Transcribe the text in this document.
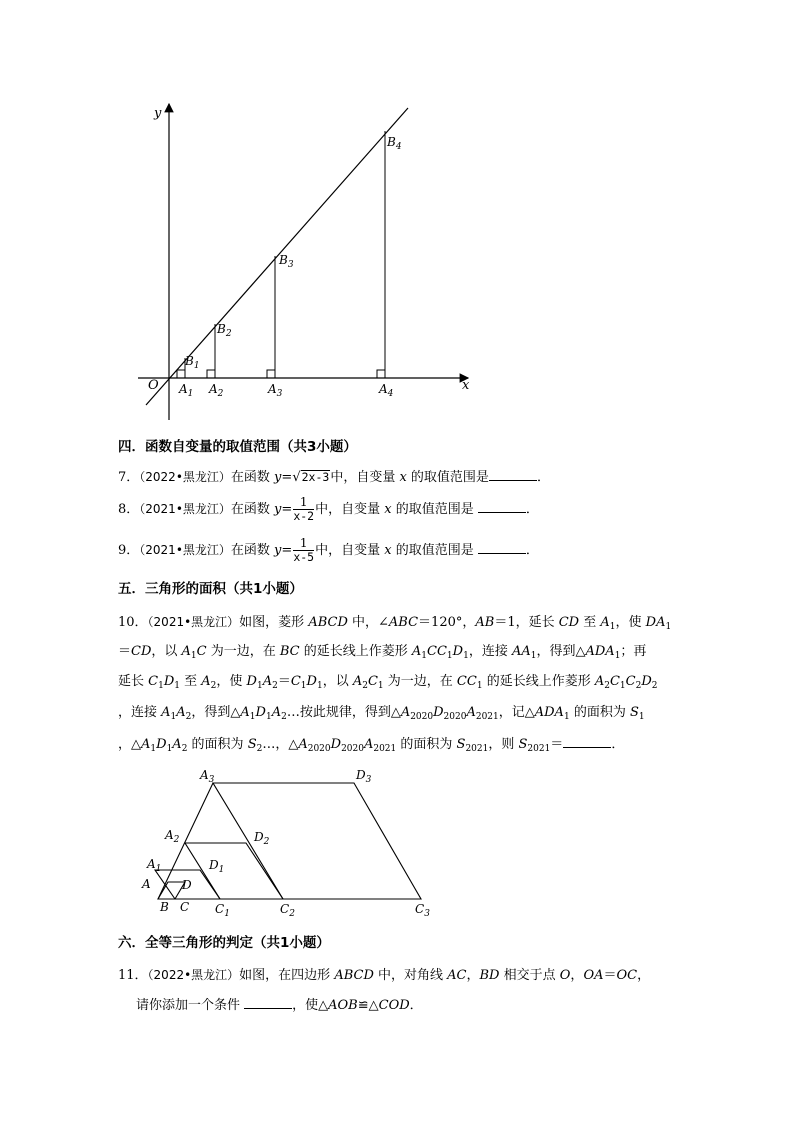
y
x
O
$B_1$
$B_2$
$B_3$
$B_4$
$A_1$ $A_2$	$A_3$	$A_4$
四．函数自变量的取值范围（共3小题）
7．（2022•黑龙江）在函数 y=√2x-3中，自变量 x 的取值范围是	．
8．（2021•黑龙江）在函数 $y= \frac{1}{x-2}$ 中，自变量 x 的取值范围是	．
9．（2021•黑龙江）在函数 $y= \frac{1}{x-5}$ 中，自变量 x 的取值范围是	．
五．三角形的面积（共1小题）
10．（2021•黑龙江）如图，菱形 ABCD 中，∠ABC＝120°，AB＝1，延长 CD 至 $A_1$，使 $DA_1$
＝CD，以 $A_1C$ 为一边，在 BC 的延长线上作菱形 $A_1CC_1D_1$，连接 $AA_1$，得到$\triangle ADA_1$；再
延长 $C_1D_1$ 至 $A_2$，使 $D_1A_2=C_1D_1$，以 $A_2C_1$ 为一边，在 $CC_1$ 的延长线上作菱形 $A_2C_1C_2D_2$
，连接 $A_1A_2$，得到$\triangle A_1D_1A_2\dots$按此规律，得到$\triangle A_{2020}D_{2020}A_{2021}$，记$\triangle ADA_1$ 的面积为 $S_1$
，$\triangle A_1D_1A_2$ 的面积为 $S_2\dots$，$\triangle A_{2020}D_{2020}A_{2021}$ 的面积为 $S_{2021}$，则 $S_{2021}=$	．
A
B C
D
$A_1$	$D_1$
$C_1$
$A_2$	$D_2$
$C_2$
$A_3$	$D_3$
$C_3$
六．全等三角形的判定（共1小题）
11．（2022•黑龙江）如图，在四边形 ABCD 中，对角线 AC，BD 相交于点 O，OA＝OC，
请你添加一个条件	，使△AOB≌△COD．
